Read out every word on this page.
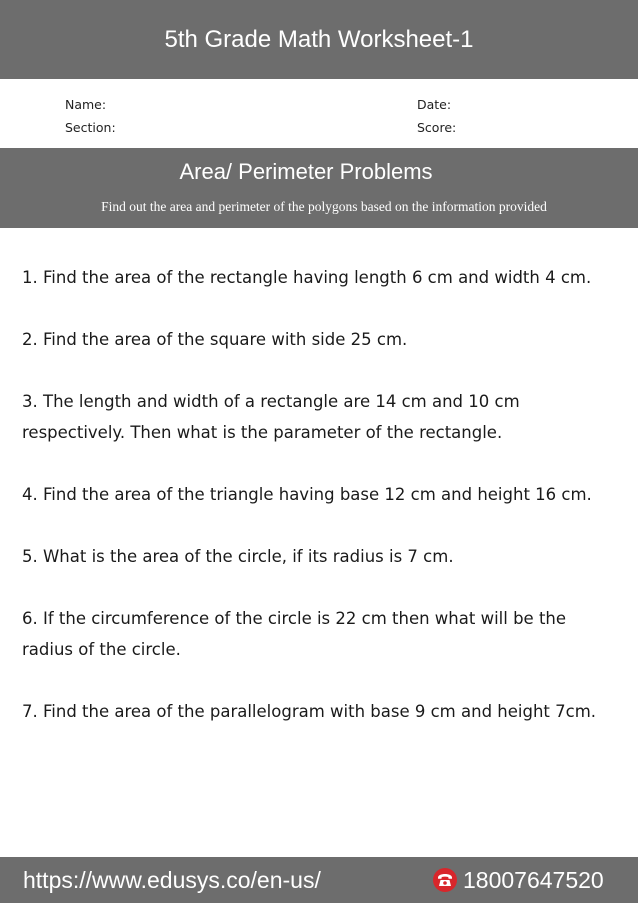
5th Grade Math Worksheet-1
Name:
Section:
Date:
Score:
Area/ Perimeter Problems
Find out the area and perimeter of the polygons based on the information provided
1. Find the area of the rectangle having length 6 cm and width 4 cm.
2. Find the area of the square with side 25 cm.
3. The length and width of a rectangle are 14 cm and 10 cm respectively. Then what is the parameter of the rectangle.
4. Find the area of the triangle having base 12 cm and height 16 cm.
5. What is the area of the circle, if its radius is 7 cm.
6. If the circumference of the circle is 22 cm then what will be the radius of the circle.
7. Find the area of the parallelogram with base 9 cm and height 7cm.
https://www.edusys.co/en-us/	18007647520
